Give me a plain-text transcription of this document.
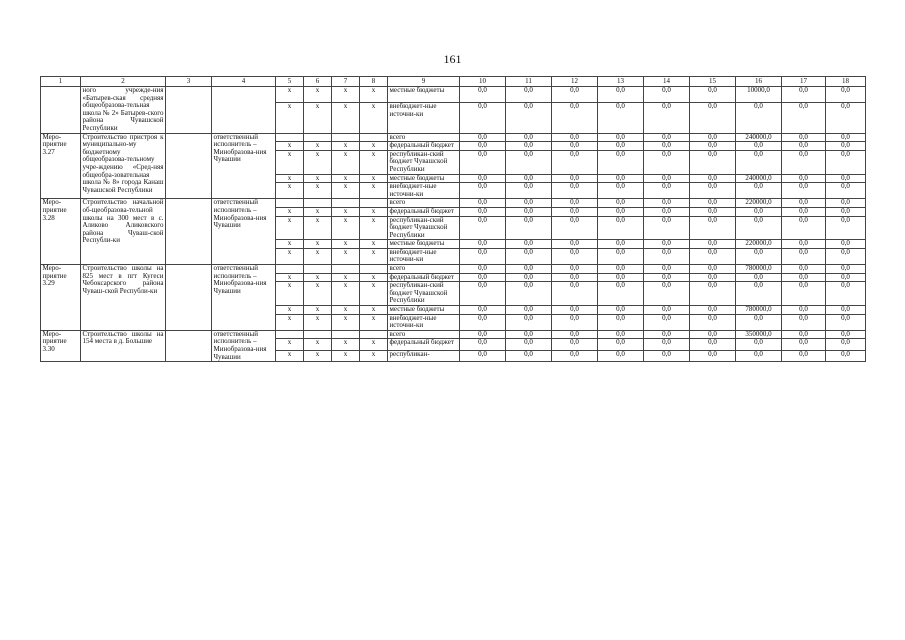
161
1	2	3	4	5	6	7	8	9	10	11	12	13	14	15	16	17	18
	ного учрежде-ния «Батырев-ская средняя общеобразова-тельная школа № 2» Батырев-ского района Чувашской Республики			x	x	x	x	местные бюджеты	0,0	0,0	0,0	0,0	0,0	0,0	10000,0	0,0	0,0
				x	x	x	x	внебюджет-ные источни-ки	0,0	0,0	0,0	0,0	0,0	0,0	0,0	0,0	0,0
Меро-приятие 3.27	Строительство пристроя к муниципально-му бюджетному общеобразова-тельному учре-ждению «Сред-няя общеобра-зовательная школа № 8» города Канаш Чувашской Республики		ответственный исполнитель – Минобразова-ния Чувашии					всего	0,0	0,0	0,0	0,0	0,0	0,0	240000,0	0,0	0,0
				x	x	x	x	федеральный бюджет	0,0	0,0	0,0	0,0	0,0	0,0	0,0	0,0	0,0
				x	x	x	x	республикан-ский бюджет Чувашской Республики	0,0	0,0	0,0	0,0	0,0	0,0	0,0	0,0	0,0
				x	x	x	x	местные бюджеты	0,0	0,0	0,0	0,0	0,0	0,0	240000,0	0,0	0,0
				x	x	x	x	внебюджет-ные источни-ки	0,0	0,0	0,0	0,0	0,0	0,0	0,0	0,0	0,0
Меро-приятие 3.28	Строительство начальной об-щеобразова-тельной школы на 300 мест в с. Аликово Аликовского района Чуваш-ской Республи-ки		ответственный исполнитель – Минобразова-ния Чувашии					всего	0,0	0,0	0,0	0,0	0,0	0,0	220000,0	0,0	0,0
				x	x	x	x	федеральный бюджет	0,0	0,0	0,0	0,0	0,0	0,0	0,0	0,0	0,0
				x	x	x	x	республикан-ский бюджет Чувашской Республики	0,0	0,0	0,0	0,0	0,0	0,0	0,0	0,0	0,0
				x	x	x	x	местные бюджеты	0,0	0,0	0,0	0,0	0,0	0,0	220000,0	0,0	0,0
				x	x	x	x	внебюджет-ные источни-ки	0,0	0,0	0,0	0,0	0,0	0,0	0,0	0,0	0,0
Меро-приятие 3.29	Строительство школы на 825 мест в пгт Кугеси Чебоксарского района Чуваш-ской Республи-ки		ответственный исполнитель – Минобразова-ния Чувашии					всего	0,0	0,0	0,0	0,0	0,0	0,0	780000,0	0,0	0,0
				x	x	x	x	федеральный бюджет	0,0	0,0	0,0	0,0	0,0	0,0	0,0	0,0	0,0
				x	x	x	x	республикан-ский бюджет Чувашской Республики	0,0	0,0	0,0	0,0	0,0	0,0	0,0	0,0	0,0
				x	x	x	x	местные бюджеты	0,0	0,0	0,0	0,0	0,0	0,0	780000,0	0,0	0,0
				x	x	x	x	внебюджет-ные источни-ки	0,0	0,0	0,0	0,0	0,0	0,0	0,0	0,0	0,0
Меро-приятие 3.30	Строительство школы на 154 места в д. Большие		ответственный исполнитель – Минобразова-ния Чувашии					всего	0,0	0,0	0,0	0,0	0,0	0,0	350000,0	0,0	0,0
				x	x	x	x	федеральный бюджет	0,0	0,0	0,0	0,0	0,0	0,0	0,0	0,0	0,0
				x	x	x	x	республикан-	0,0	0,0	0,0	0,0	0,0	0,0	0,0	0,0	0,0
